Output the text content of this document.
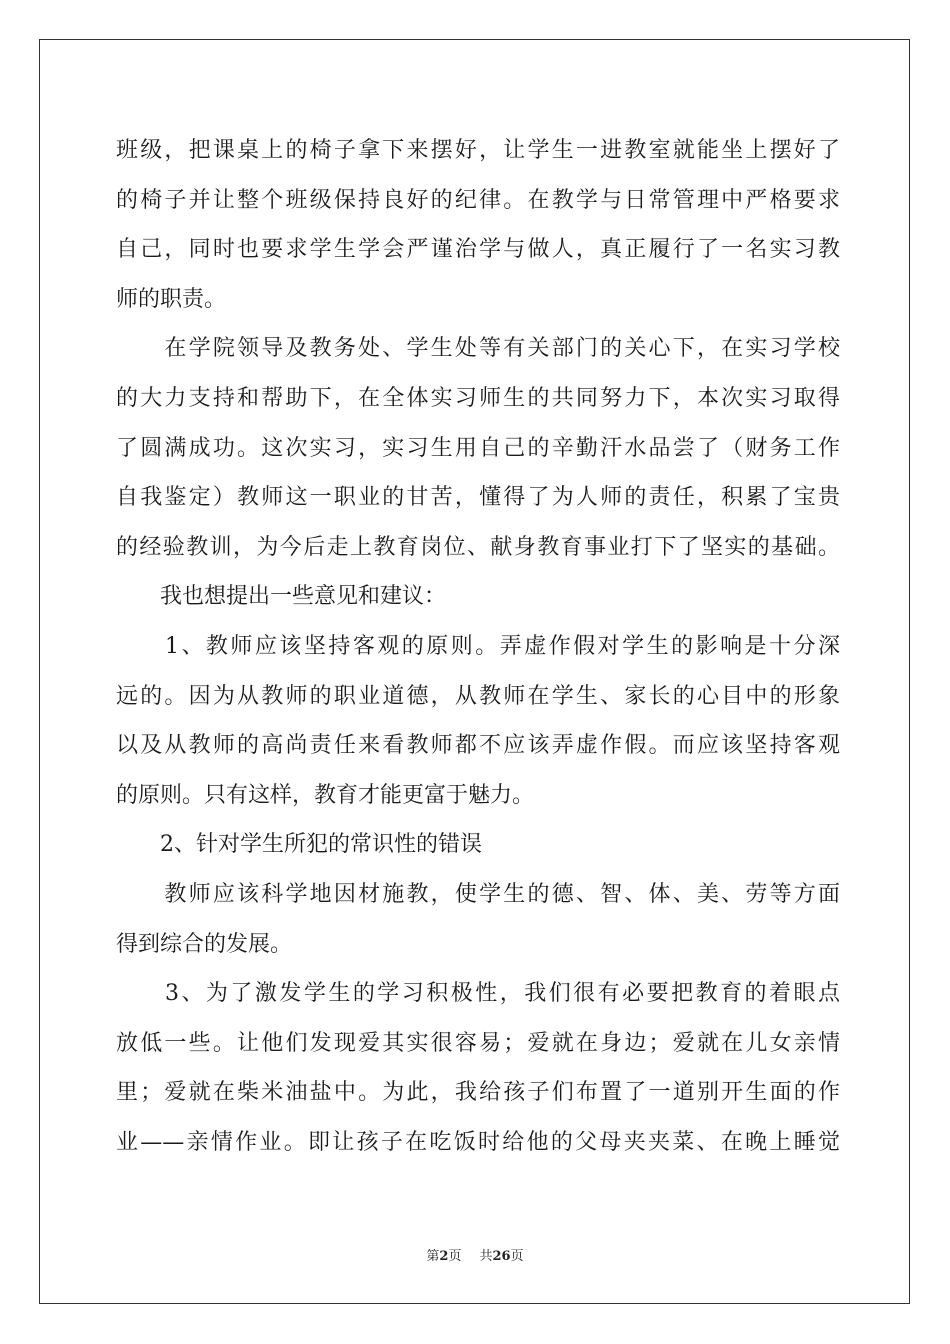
班级，把课桌上的椅子拿下来摆好，让学生一进教室就能坐上摆好了
的椅子并让整个班级保持良好的纪律。在教学与日常管理中严格要求
自己，同时也要求学生学会严谨治学与做人，真正履行了一名实习教
师的职责。
　　在学院领导及教务处、学生处等有关部门的关心下，在实习学校
的大力支持和帮助下，在全体实习师生的共同努力下，本次实习取得
了圆满成功。这次实习，实习生用自己的辛勤汗水品尝了（财务工作
自我鉴定）教师这一职业的甘苦，懂得了为人师的责任，积累了宝贵
的经验教训，为今后走上教育岗位、献身教育事业打下了坚实的基础。
　　我也想提出一些意见和建议：
　　1、教师应该坚持客观的原则。弄虚作假对学生的影响是十分深
远的。因为从教师的职业道德，从教师在学生、家长的心目中的形象
以及从教师的高尚责任来看教师都不应该弄虚作假。而应该坚持客观
的原则。只有这样，教育才能更富于魅力。
　　2、针对学生所犯的常识性的错误
　　教师应该科学地因材施教，使学生的德、智、体、美、劳等方面
得到综合的发展。
　　3、为了激发学生的学习积极性，我们很有必要把教育的着眼点
放低一些。让他们发现爱其实很容易；爱就在身边；爱就在儿女亲情
里；爱就在柴米油盐中。为此，我给孩子们布置了一道别开生面的作
业——亲情作业。即让孩子在吃饭时给他的父母夹夹菜、在晚上睡觉
第2页 共26页
